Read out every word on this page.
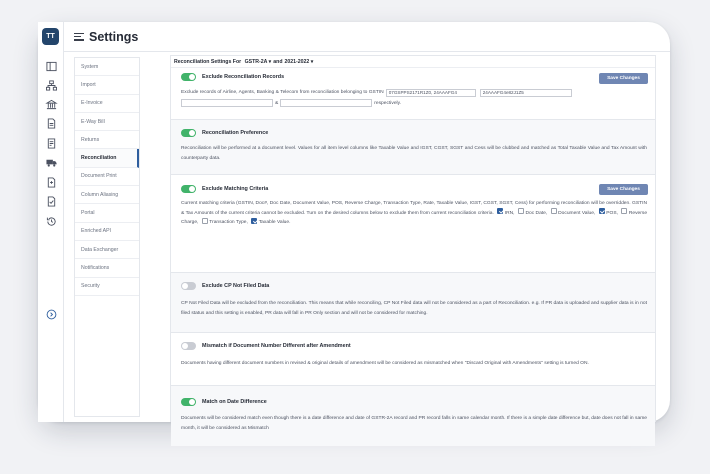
TT	Settings
System
Import
E-Invoice
E-Way Bill
Returns
Reconciliation
Document Print
Column Aliasing
Portal
Enriched API
Data Exchanger
Notifications
Security
Reconciliation Settings For
GSTR-2A ▾ and 2021-2022 ▾
Exclude Reconciliation Records	Save Changes
Exclude records of Airline, Agents, Banking & Telecom from reconciliation belonging to GSTIN	07GSPPS2171R1Z0, 24AAAFG4	24AAAFG4e82J1Z5
&	respectively.
Reconciliation Preference
Reconciliation will be performed at a document level. Values for all item level columns like Taxable Value and IGST, CGST, SGST and Cess will be clubbed and matched as Total Taxable Value and Tax Amount with counterparty data.
Exclude Matching Criteria	Save Changes
Current matching criteria (GSTIN, Doc#, Doc Date, Document Value, POS, Reverse Charge, Transaction Type, Rate, Taxable Value, IGST, CGST, SGST, Cess) for performing reconciliation will be overridden. GSTIN & Tax Amounts of the current criteria cannot be excluded. Turn on the desired columns below to exclude them from current reconciliation criteria. IRN, Doc Date, Document Value, POS, Reverse Charge, Transaction Type, Taxable Value.
Exclude CP Not Filed Data
CP Not Filed Data will be excluded from the reconciliation. This means that while reconciling, CP Not Filed data will not be considered as a part of Reconciliation. e.g. If PR data is uploaded and supplier data is in not filed status and this setting is enabled, PR data will fall in PR Only section and will not be considered for matching.
Mismatch if Document Number Different after Amendment
Documents having different document numbers in revised & original details of amendment will be considered as mismatched when "Discard Original with Amendments" setting is turned ON.
Match on Date Difference
Documents will be considered match even though there is a date difference and date of GSTR-2A record and PR record falls in same calendar month. If there is a simple date difference but, date does not fall in same month, it will be considered as Mismatch
